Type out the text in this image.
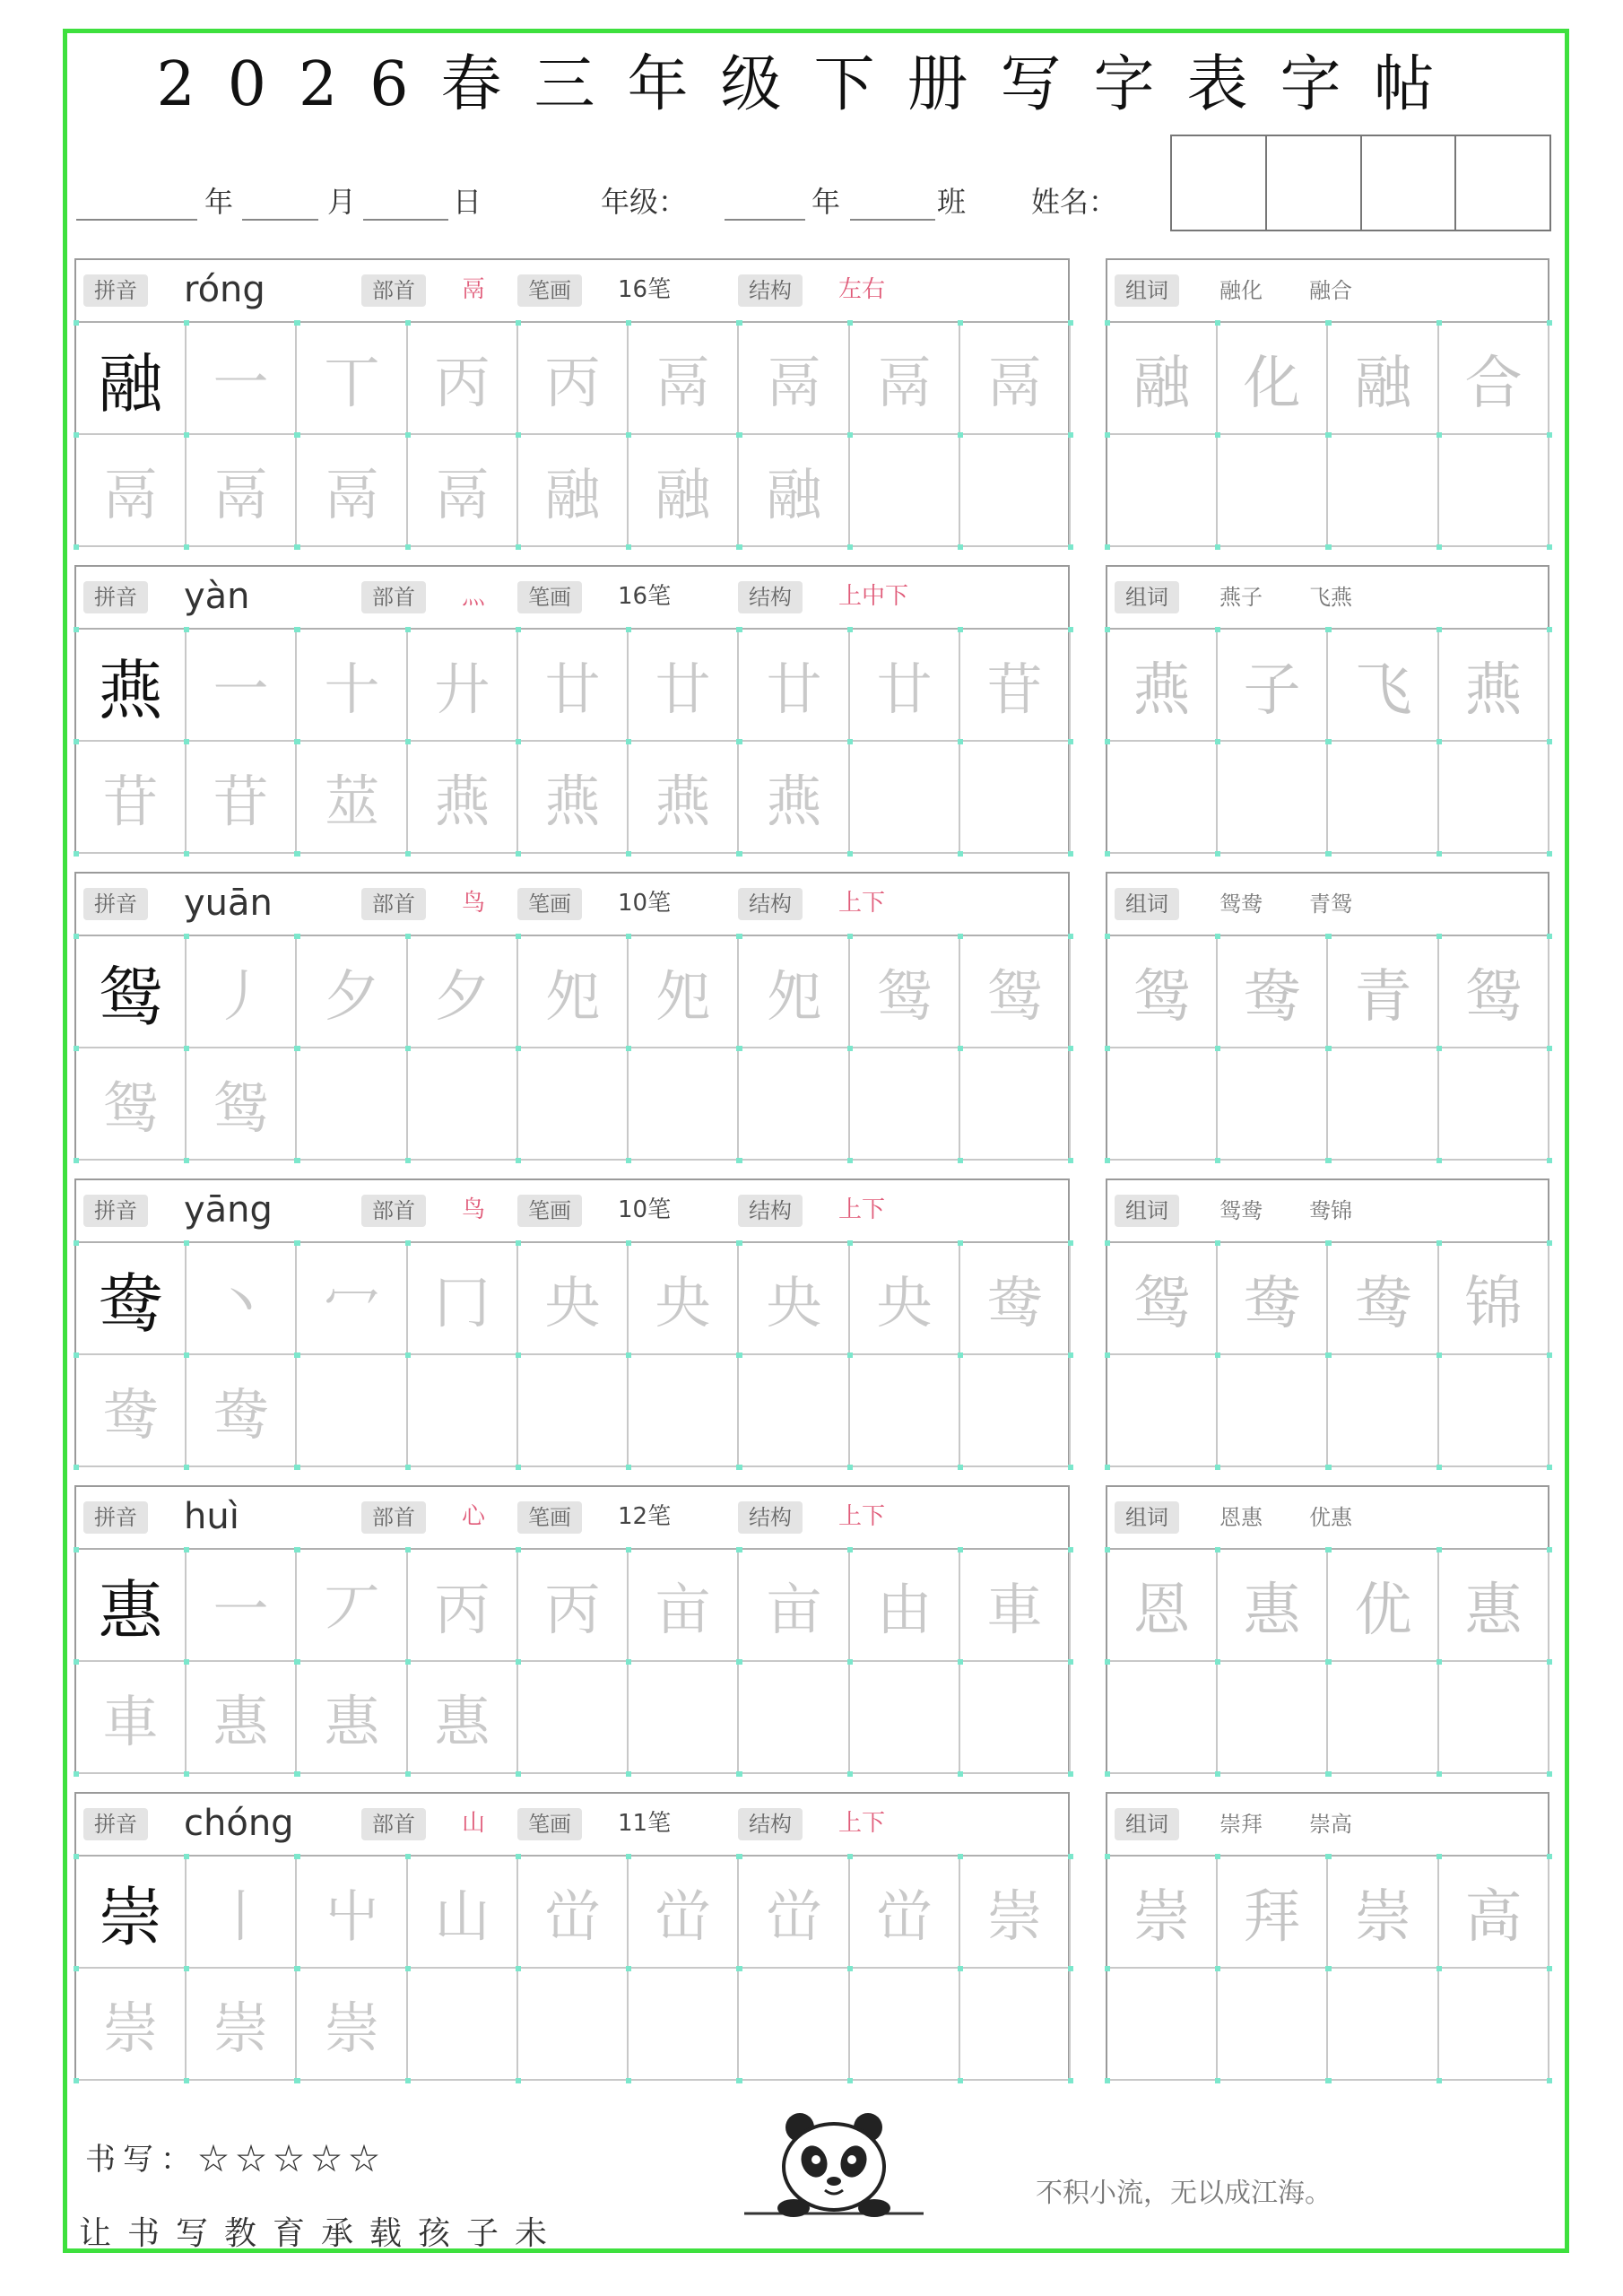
2026春三年级下册写字表字帖
年	月	日	年级：	年	班 姓名：
拼音	róng	部首	鬲	笔画	16笔	结构	左右
融 一 丅 丙 丙 鬲 鬲 鬲 鬲
鬲 鬲 鬲 鬲 融 融 融
组词	融化 融合
融 化 融 合
拼音	yàn	部首	灬	笔画	16笔	结构	上中下
燕 一 十 廾 廿 廿 廿 廿 苷
苷 苷 莁 燕 燕 燕 燕
组词	燕子 飞燕
燕 子 飞 燕
拼音	yuān	部首	鸟	笔画	10笔	结构	上下
鸳 丿 夕 夕 夗 夗 夗 鸳 鸳
鸳 鸳
组词	鸳鸯 青鸳
鸳 鸯 青 鸳
拼音	yāng	部首	鸟	笔画	10笔	结构	上下
鸯 丶 冖 冂 央 央 央 央 鸯
鸯 鸯
组词	鸳鸯 鸯锦
鸳 鸯 鸯 锦
拼音	huì	部首	心	笔画	12笔	结构	上下
惠 一 丆 丙 丙 亩 亩 由 車
車 惠 惠 惠
组词	恩惠 优惠
恩 惠 优 惠
拼音	chóng	部首	山	笔画	11笔	结构	上下
崇 丨 屮 山 峃 峃 峃 峃 崇
崇 崇 崇
组词	崇拜 崇高
崇 拜 崇 高
书写：☆☆☆☆☆
让书写教育承载孩子未
不积小流，无以成江海。
